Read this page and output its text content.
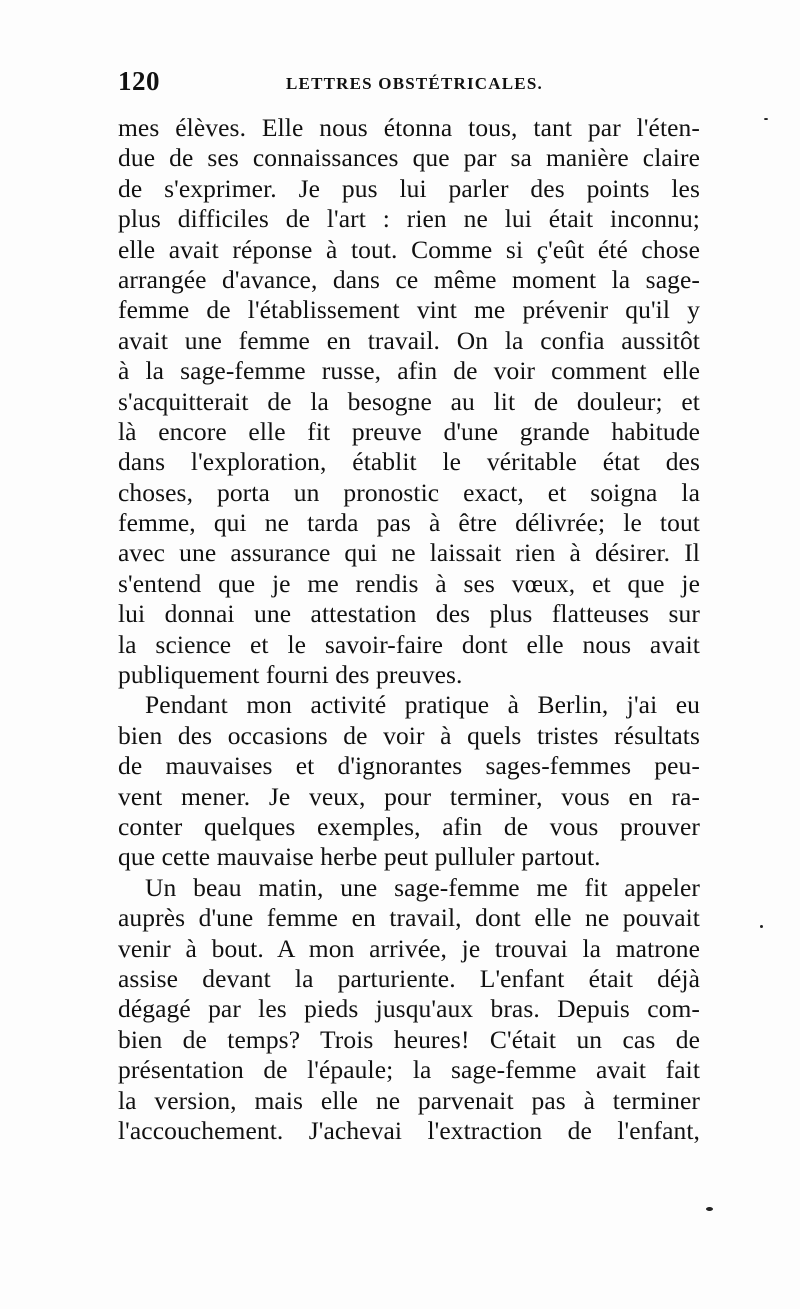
120	LETTRES OBSTÉTRICALES.
mes élèves. Elle nous étonna tous, tant par l'éten-
due de ses connaissances que par sa manière claire
de s'exprimer. Je pus lui parler des points les
plus difficiles de l'art : rien ne lui était inconnu;
elle avait réponse à tout. Comme si ç'eût été chose
arrangée d'avance, dans ce même moment la sage-
femme de l'établissement vint me prévenir qu'il y
avait une femme en travail. On la confia aussitôt
à la sage-femme russe, afin de voir comment elle
s'acquitterait de la besogne au lit de douleur; et
là encore elle fit preuve d'une grande habitude
dans l'exploration, établit le véritable état des
choses, porta un pronostic exact, et soigna la
femme, qui ne tarda pas à être délivrée; le tout
avec une assurance qui ne laissait rien à désirer. Il
s'entend que je me rendis à ses vœux, et que je
lui donnai une attestation des plus flatteuses sur
la science et le savoir-faire dont elle nous avait
publiquement fourni des preuves.
Pendant mon activité pratique à Berlin, j'ai eu
bien des occasions de voir à quels tristes résultats
de mauvaises et d'ignorantes sages-femmes peu-
vent mener. Je veux, pour terminer, vous en ra-
conter quelques exemples, afin de vous prouver
que cette mauvaise herbe peut pulluler partout.
Un beau matin, une sage-femme me fit appeler
auprès d'une femme en travail, dont elle ne pouvait
venir à bout. A mon arrivée, je trouvai la matrone
assise devant la parturiente. L'enfant était déjà
dégagé par les pieds jusqu'aux bras. Depuis com-
bien de temps? Trois heures! C'était un cas de
présentation de l'épaule; la sage-femme avait fait
la version, mais elle ne parvenait pas à terminer
l'accouchement. J'achevai l'extraction de l'enfant,
